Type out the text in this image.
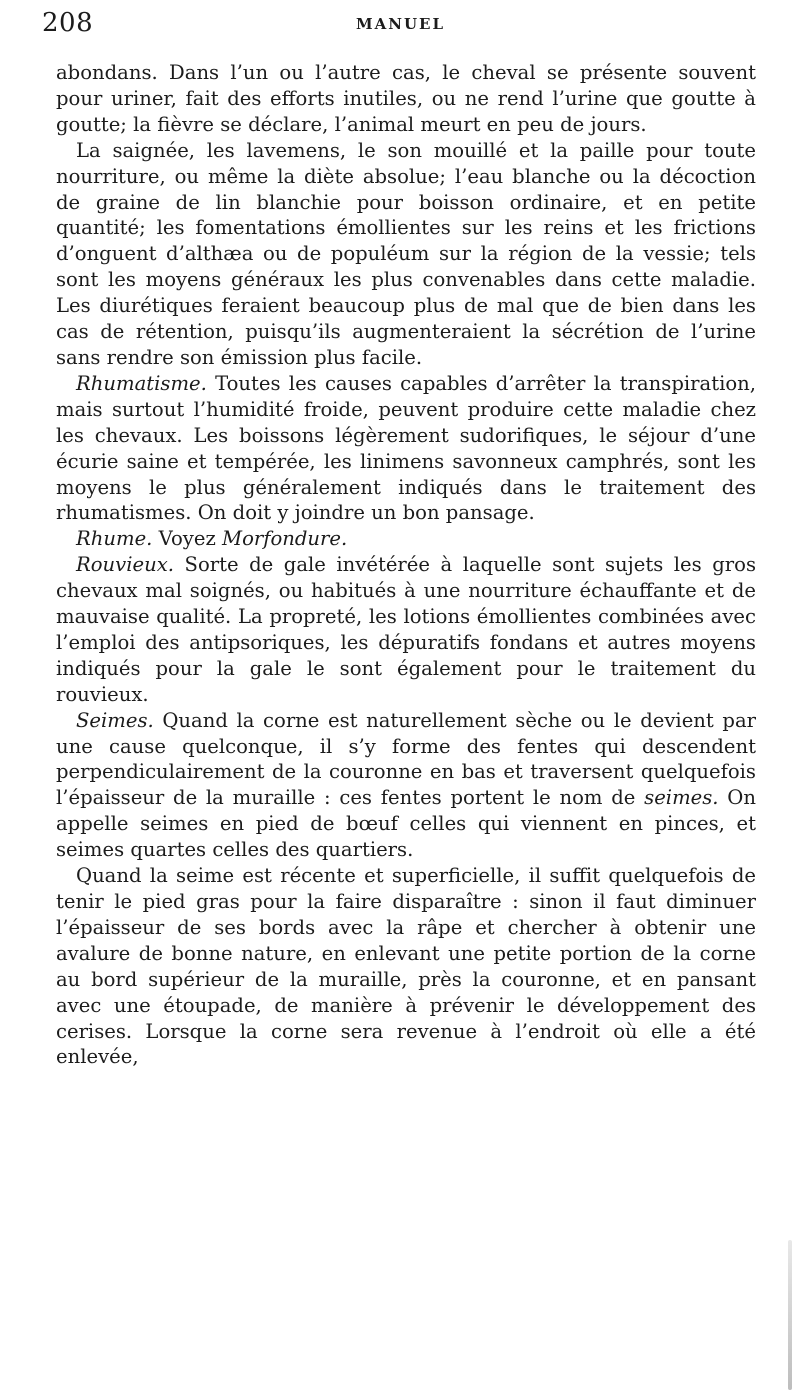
208	MANUEL

abondans. Dans l’un ou l’autre cas, le cheval se présente souvent pour uriner, fait des efforts inutiles, ou ne rend l’urine que goutte à goutte; la fièvre se déclare, l’animal meurt en peu de jours.

La saignée, les lavemens, le son mouillé et la paille pour toute nourriture, ou même la diète absolue; l’eau blanche ou la décoction de graine de lin blanchie pour boisson ordinaire, et en petite quantité; les fomentations émollientes sur les reins et les frictions d’onguent d’althæa ou de populéum sur la région de la vessie; tels sont les moyens généraux les plus convenables dans cette maladie. Les diurétiques feraient beaucoup plus de mal que de bien dans les cas de rétention, puisqu’ils augmenteraient la sécrétion de l’urine sans rendre son émission plus facile.

Rhumatisme. Toutes les causes capables d’arrêter la transpiration, mais surtout l’humidité froide, peuvent produire cette maladie chez les chevaux. Les boissons légèrement sudorifiques, le séjour d’une écurie saine et tempérée, les linimens savonneux camphrés, sont les moyens le plus généralement indiqués dans le traitement des rhumatismes. On doit y joindre un bon pansage.

Rhume. Voyez Morfondure.

Rouvieux. Sorte de gale invétérée à laquelle sont sujets les gros chevaux mal soignés, ou habitués à une nourriture échauffante et de mauvaise qualité. La propreté, les lotions émollientes combinées avec l’emploi des antipsoriques, les dépuratifs fondans et autres moyens indiqués pour la gale le sont également pour le traitement du rouvieux.

Seimes. Quand la corne est naturellement sèche ou le devient par une cause quelconque, il s’y forme des fentes qui descendent perpendiculairement de la couronne en bas et traversent quelquefois l’épaisseur de la muraille : ces fentes portent le nom de seimes. On appelle seimes en pied de bœuf celles qui viennent en pinces, et seimes quartes celles des quartiers.

Quand la seime est récente et superficielle, il suffit quelquefois de tenir le pied gras pour la faire disparaître : sinon il faut diminuer l’épaisseur de ses bords avec la râpe et chercher à obtenir une avalure de bonne nature, en enlevant une petite portion de la corne au bord supérieur de la muraille, près la couronne, et en pansant avec une étoupade, de manière à prévenir le développement des cerises. Lorsque la corne sera revenue à l’endroit où elle a été enlevée,
